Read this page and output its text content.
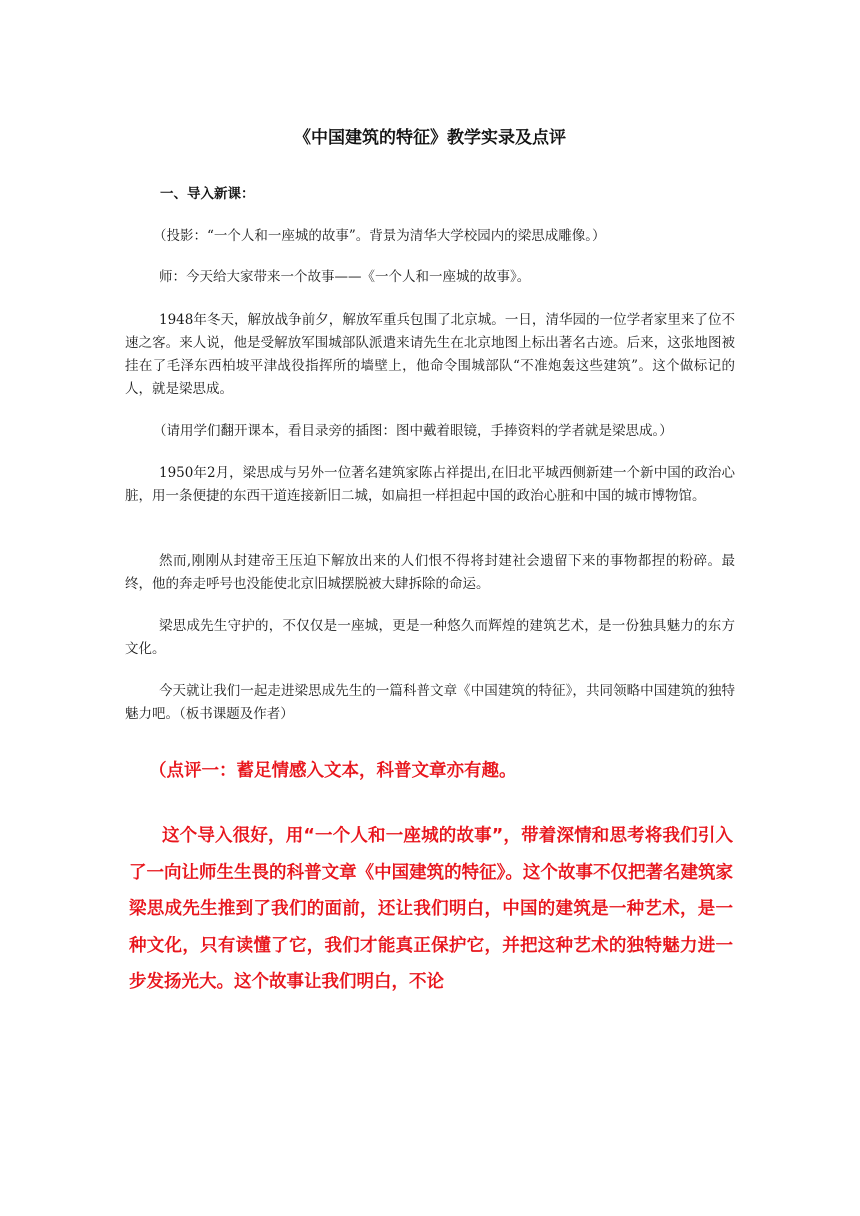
《中国建筑的特征》教学实录及点评
一、导入新课：

（投影：“一个人和一座城的故事”。背景为清华大学校园内的梁思成雕像。）

师：今天给大家带来一个故事——《一个人和一座城的故事》。

1948年冬天，解放战争前夕，解放军重兵包围了北京城。一日，清华园的一位学者家里来了位不速之客。来人说，他是受解放军围城部队派遣来请先生在北京地图上标出著名古迹。后来，这张地图被挂在了毛泽东西柏坡平津战役指挥所的墙壁上，他命令围城部队“不准炮轰这些建筑”。这个做标记的人，就是梁思成。

（请用学们翻开课本，看目录旁的插图：图中戴着眼镜，手捧资料的学者就是梁思成。）

1950年2月，梁思成与另外一位著名建筑家陈占祥提出,在旧北平城西侧新建一个新中国的政治心脏，用一条便捷的东西干道连接新旧二城，如扁担一样担起中国的政治心脏和中国的城市博物馆。

然而,刚刚从封建帝王压迫下解放出来的人们恨不得将封建社会遗留下来的事物都捏的粉碎。最终，他的奔走呼号也没能使北京旧城摆脱被大肆拆除的命运。

梁思成先生守护的，不仅仅是一座城，更是一种悠久而辉煌的建筑艺术，是一份独具魅力的东方文化。

今天就让我们一起走进梁思成先生的一篇科普文章《中国建筑的特征》，共同领略中国建筑的独特魅力吧。（板书课题及作者）

（点评一：蓄足情感入文本，科普文章亦有趣。

这个导入很好，用“一个人和一座城的故事”，带着深情和思考将我们引入了一向让师生生畏的科普文章《中国建筑的特征》。这个故事不仅把著名建筑家梁思成先生推到了我们的面前，还让我们明白，中国的建筑是一种艺术，是一种文化，只有读懂了它，我们才能真正保护它，并把这种艺术的独特魅力进一步发扬光大。这个故事让我们明白，不论
